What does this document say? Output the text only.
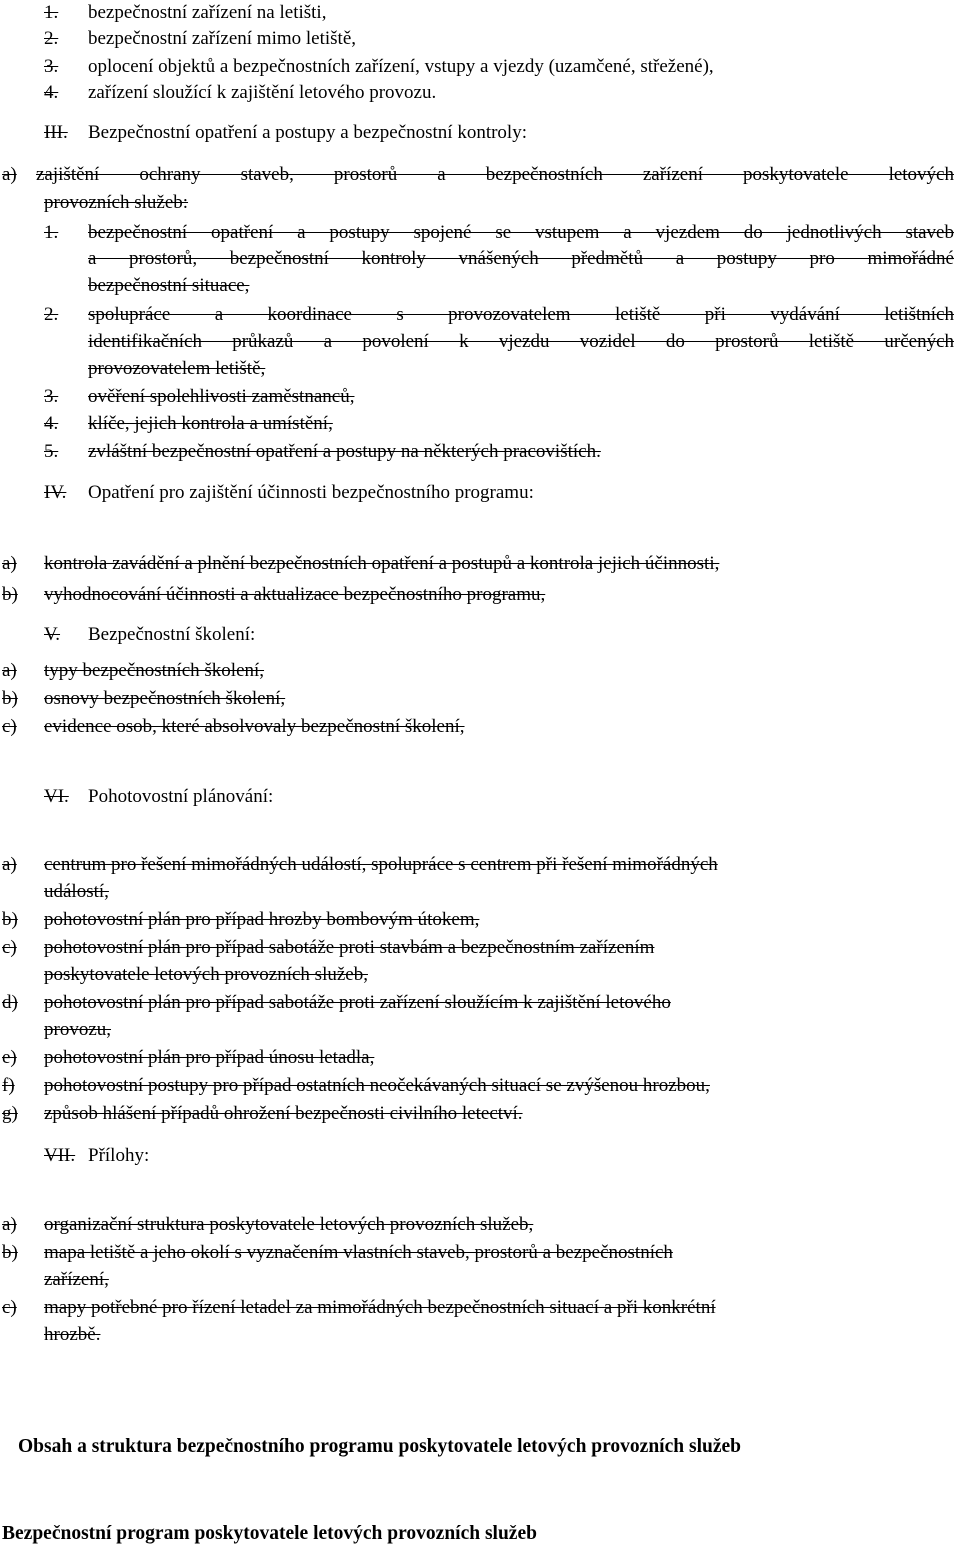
1. bezpečnostní zařízení na letišti,
2. bezpečnostní zařízení mimo letiště,
3. oplocení objektů a bezpečnostních zařízení, vstupy a vjezdy (uzamčené, střežené),
4. zařízení sloužící k zajištění letového provozu.
III. Bezpečnostní opatření a postupy a bezpečnostní kontroly:
a) zajištění ochrany staveb, prostorů a bezpečnostních zařízení poskytovatele letových
provozních služeb:
1. bezpečnostní opatření a postupy spojené se vstupem a vjezdem do jednotlivých staveb
a prostorů, bezpečnostní kontroly vnášených předmětů a postupy pro mimořádné
bezpečnostní situace,
2. spolupráce a koordinace s provozovatelem letiště při vydávání letištních
identifikačních průkazů a povolení k vjezdu vozidel do prostorů letiště určených
provozovatelem letiště,
3. ověření spolehlivosti zaměstnanců,
4. klíče, jejich kontrola a umístění,
5. zvláštní bezpečnostní opatření a postupy na některých pracovištích.
IV. Opatření pro zajištění účinnosti bezpečnostního programu:
a) kontrola zavádění a plnění bezpečnostních opatření a postupů a kontrola jejich účinnosti,
b) vyhodnocování účinnosti a aktualizace bezpečnostního programu,
V. Bezpečnostní školení:
a) typy bezpečnostních školení,
b) osnovy bezpečnostních školení,
c) evidence osob, které absolvovaly bezpečnostní školení,
VI. Pohotovostní plánování:
a) centrum pro řešení mimořádných událostí, spolupráce s centrem při řešení mimořádných
událostí,
b) pohotovostní plán pro případ hrozby bombovým útokem,
c) pohotovostní plán pro případ sabotáže proti stavbám a bezpečnostním zařízením
poskytovatele letových provozních služeb,
d) pohotovostní plán pro případ sabotáže proti zařízení sloužícím k zajištění letového
provozu,
e) pohotovostní plán pro případ únosu letadla,
f) pohotovostní postupy pro případ ostatních neočekávaných situací se zvýšenou hrozbou,
g) způsob hlášení případů ohrožení bezpečnosti civilního letectví.
VII. Přílohy:
a) organizační struktura poskytovatele letových provozních služeb,
b) mapa letiště a jeho okolí s vyznačením vlastních staveb, prostorů a bezpečnostních
zařízení,
c) mapy potřebné pro řízení letadel za mimořádných bezpečnostních situací a při konkrétní
hrozbě.
Obsah a struktura bezpečnostního programu poskytovatele letových provozních služeb
Bezpečnostní program poskytovatele letových provozních služeb
